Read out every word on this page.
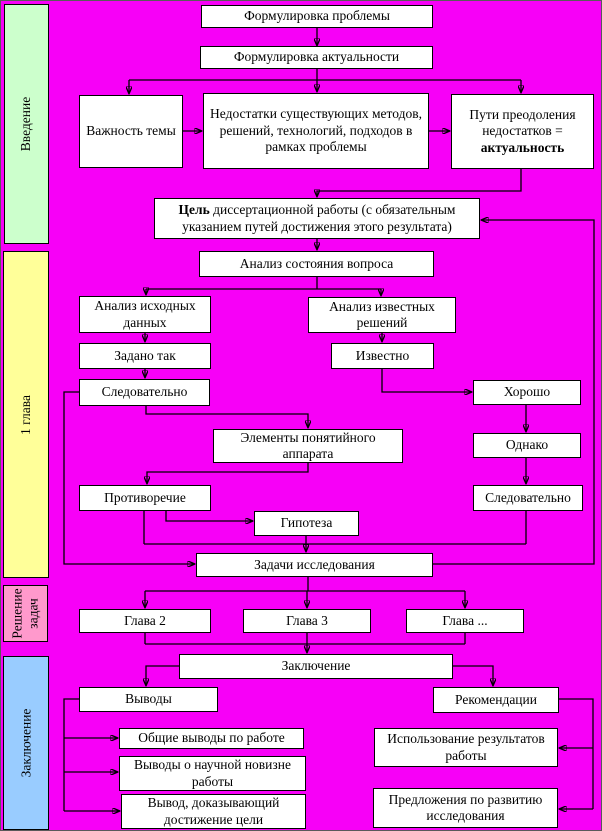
Введение
1 глава
Решение задач
Заключение
Формулировка проблемы
Формулировка актуальности
Важность темы
Недостатки существующих методов, решений, технологий, подходов в рамках проблемы
Пути преодоления недостатков =
актуальность
Цель диссертационной работы (с обязательным указанием путей достижения этого результата)
Анализ состояния вопроса
Анализ исходных данных
Анализ известных решений
Задано так	Известно
Следовательно	Хорошо
Элементы понятийного аппарата
Однако
Противоречие	Следовательно
Гипотеза
Задачи исследования
Глава 2	Глава 3	Глава ...
Заключение
Выводы	Рекомендации
Общие выводы по работе
Выводы о научной новизне работы
Вывод, доказывающий достижение цели
Использование результатов работы
Предложения по развитию исследования
